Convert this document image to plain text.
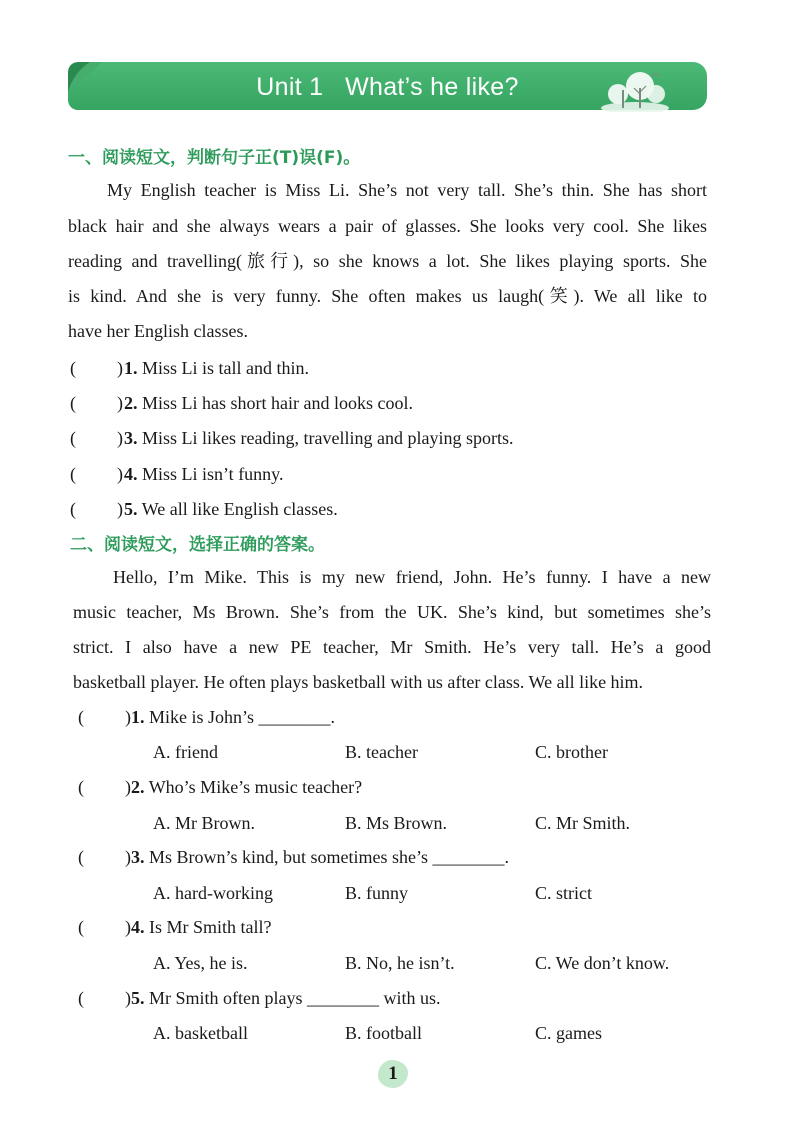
Unit 1   What’s he like?
一、阅读短文，判断句子正(T)误(F)。
My English teacher is Miss Li. She’s not very tall. She’s thin. She has short
black hair and she always wears a pair of glasses. She looks very cool. She likes
reading and travelling(旅行), so she knows a lot. She likes playing sports. She
is kind. And she is very funny. She often makes us laugh(笑). We all like to
have her English classes.
( ) 1. Miss Li is tall and thin.
( ) 2. Miss Li has short hair and looks cool.
( ) 3. Miss Li likes reading, travelling and playing sports.
( ) 4. Miss Li isn’t funny.
( ) 5. We all like English classes.
二、阅读短文，选择正确的答案。
Hello, I’m Mike. This is my new friend, John. He’s funny. I have a new
music teacher, Ms Brown. She’s from the UK. She’s kind, but sometimes she’s
strict. I also have a new PE teacher, Mr Smith. He’s very tall. He’s a good
basketball player. He often plays basketball with us after class. We all like him.
( ) 1. Mike is John’s ________.
A. friend	B. teacher	C. brother
( ) 2. Who’s Mike’s music teacher?
A. Mr Brown.	B. Ms Brown.	C. Mr Smith.
( ) 3. Ms Brown’s kind, but sometimes she’s ________.
A. hard-working	B. funny	C. strict
( ) 4. Is Mr Smith tall?
A. Yes, he is.	B. No, he isn’t.	C. We don’t know.
( ) 5. Mr Smith often plays ________ with us.
A. basketball	B. football	C. games
1
